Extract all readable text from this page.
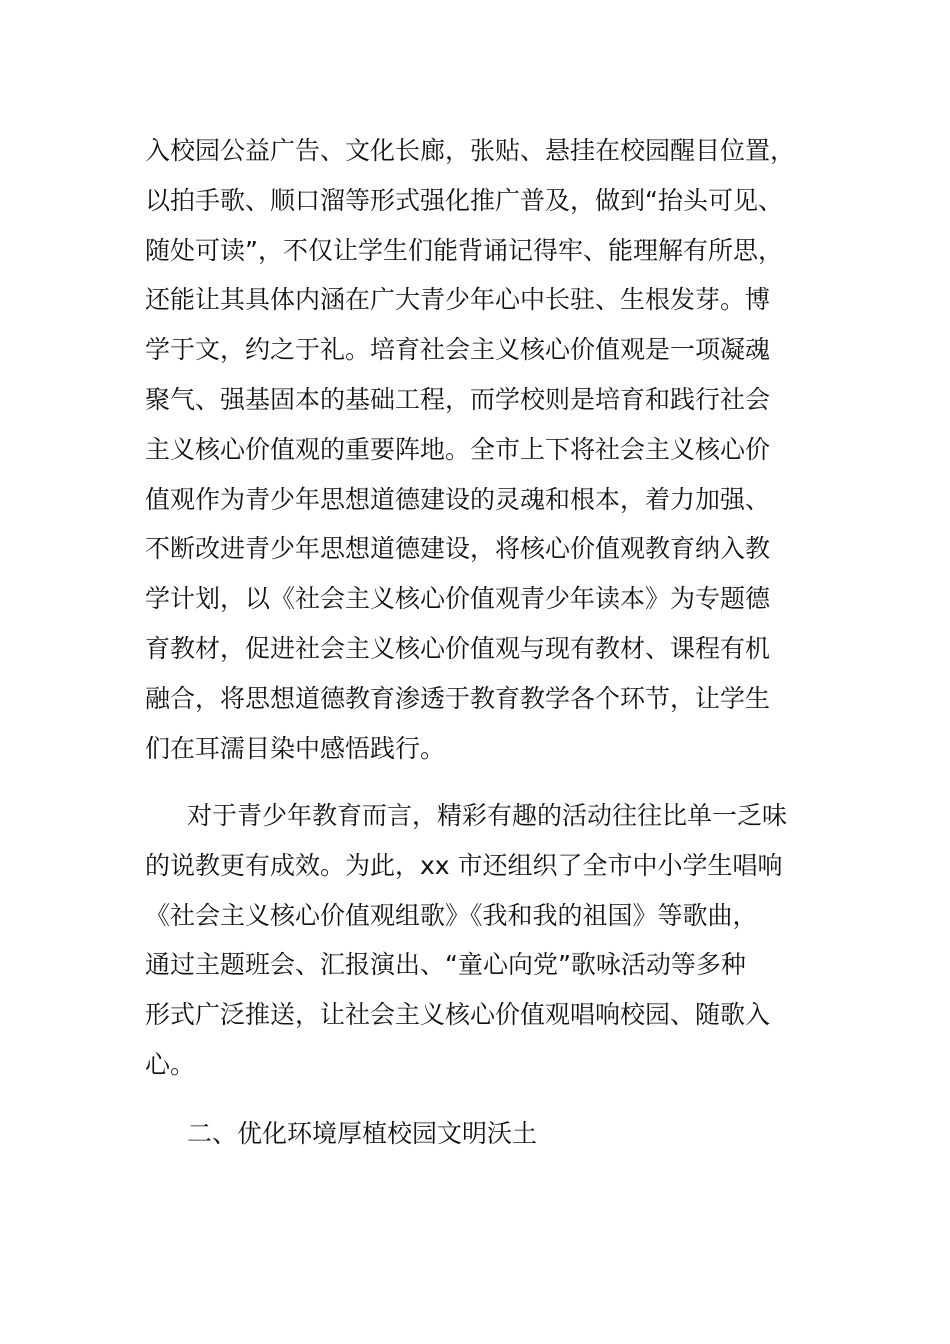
入校园公益广告、文化长廊，张贴、悬挂在校园醒目位置，
以拍手歌、顺口溜等形式强化推广普及，做到“抬头可见、
随处可读”，不仅让学生们能背诵记得牢、能理解有所思，
还能让其具体内涵在广大青少年心中长驻、生根发芽。博
学于文，约之于礼。培育社会主义核心价值观是一项凝魂
聚气、强基固本的基础工程，而学校则是培育和践行社会
主义核心价值观的重要阵地。全市上下将社会主义核心价
值观作为青少年思想道德建设的灵魂和根本，着力加强、
不断改进青少年思想道德建设，将核心价值观教育纳入教
学计划，以《社会主义核心价值观青少年读本》为专题德
育教材，促进社会主义核心价值观与现有教材、课程有机
融合，将思想道德教育渗透于教育教学各个环节，让学生
们在耳濡目染中感悟践行。
对于青少年教育而言，精彩有趣的活动往往比单一乏味
的说教更有成效。为此，xx 市还组织了全市中小学生唱响
《社会主义核心价值观组歌》《我和我的祖国》等歌曲，
通过主题班会、汇报演出、“童心向党”歌咏活动等多种
形式广泛推送，让社会主义核心价值观唱响校园、随歌入
心。
二、优化环境厚植校园文明沃土
